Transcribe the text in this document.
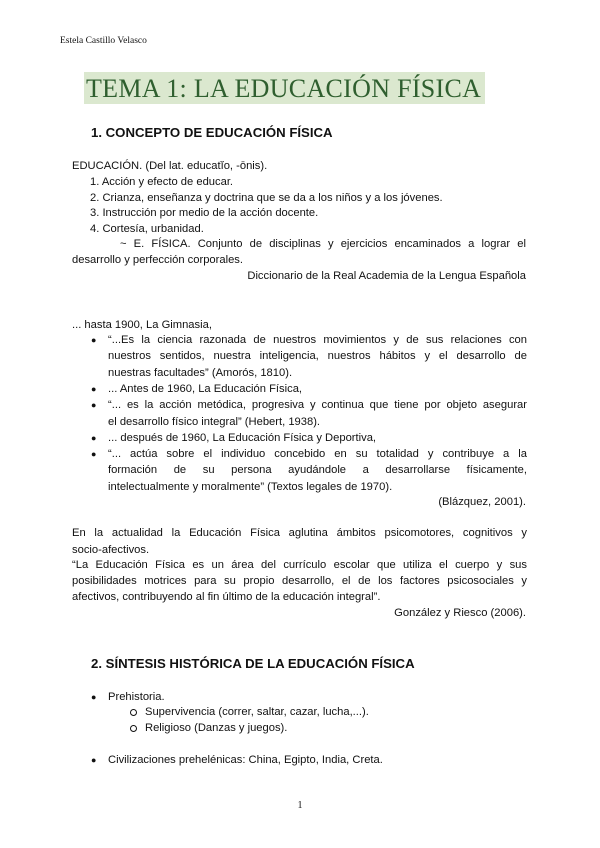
Estela Castillo Velasco
TEMA 1: LA EDUCACIÓN FÍSICA
1. CONCEPTO DE EDUCACIÓN FÍSICA
EDUCACIÓN. (Del lat. educatĭo, -ōnis).
1. Acción y efecto de educar.
2. Crianza, enseñanza y doctrina que se da a los niños y a los jóvenes.
3. Instrucción por medio de la acción docente.
4. Cortesía, urbanidad.
~ E. FÍSICA. Conjunto de disciplinas y ejercicios encaminados a lograr el
desarrollo y perfección corporales.
Diccionario de la Real Academia de la Lengua Española
... hasta 1900, La Gimnasia,
● “...Es la ciencia razonada de nuestros movimientos y de sus relaciones con
nuestros sentidos, nuestra inteligencia, nuestros hábitos y el desarrollo de
nuestras facultades” (Amorós, 1810).
● ... Antes de 1960, La Educación Física,
● “... es la acción metódica, progresiva y continua que tiene por objeto asegurar
el desarrollo físico integral” (Hebert, 1938).
● ... después de 1960, La Educación Física y Deportiva,
● “... actúa sobre el individuo concebido en su totalidad y contribuye a la
formación de su persona ayudándole a desarrollarse físicamente,
intelectualmente y moralmente” (Textos legales de 1970).
(Blázquez, 2001).
En la actualidad la Educación Física aglutina ámbitos psicomotores, cognitivos y
socio-afectivos.
“La Educación Física es un área del currículo escolar que utiliza el cuerpo y sus
posibilidades motrices para su propio desarrollo, el de los factores psicosociales y
afectivos, contribuyendo al fin último de la educación integral”.
González y Riesco (2006).
2. SÍNTESIS HISTÓRICA DE LA EDUCACIÓN FÍSICA
● Prehistoria.
Supervivencia (correr, saltar, cazar, lucha,...).
Religioso (Danzas y juegos).
● Civilizaciones prehelénicas: China, Egipto, India, Creta.
1
